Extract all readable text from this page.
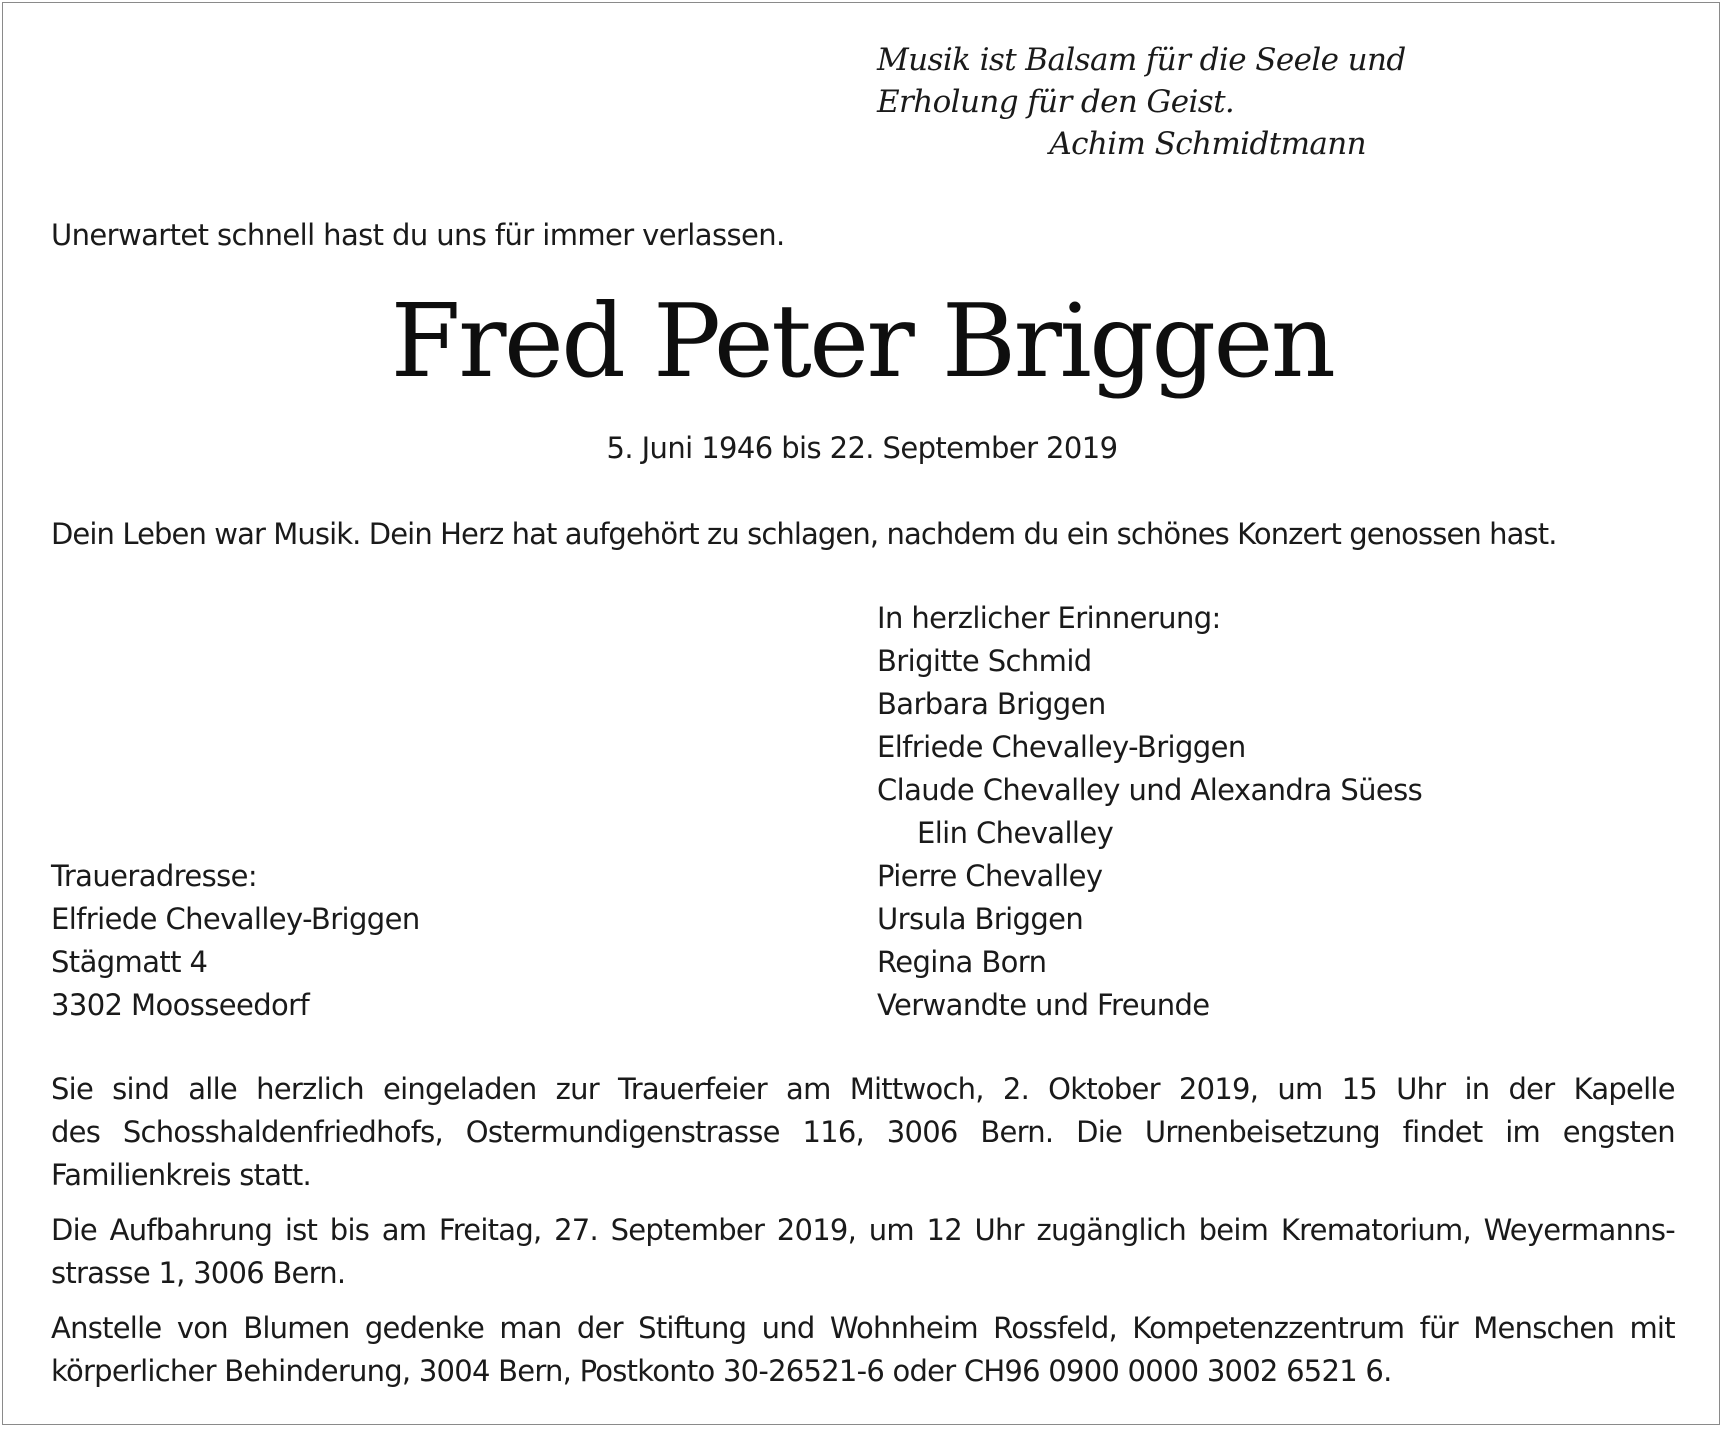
Musik ist Balsam für die Seele und
Erholung für den Geist.
Achim Schmidtmann
Unerwartet schnell hast du uns für immer verlassen.
Fred Peter Briggen
5. Juni 1946 bis 22. September 2019
Dein Leben war Musik. Dein Herz hat aufgehört zu schlagen, nachdem du ein schönes Konzert genossen hast.
In herzlicher Erinnerung:
Brigitte Schmid
Barbara Briggen
Elfriede Chevalley-Briggen
Claude Chevalley und Alexandra Süess
Elin Chevalley
Pierre Chevalley
Ursula Briggen
Regina Born
Verwandte und Freunde
Traueradresse:
Elfriede Chevalley-Briggen
Stägmatt 4
3302 Moosseedorf
Sie sind alle herzlich eingeladen zur Trauerfeier am Mittwoch, 2. Oktober 2019, um 15 Uhr in der Kapelle
des Schosshaldenfriedhofs, Ostermundigenstrasse 116, 3006 Bern. Die Urnenbeisetzung findet im engsten
Familienkreis statt.
Die Aufbahrung ist bis am Freitag, 27. September 2019, um 12 Uhr zugänglich beim Krematorium, Weyermanns-
strasse 1, 3006 Bern.
Anstelle von Blumen gedenke man der Stiftung und Wohnheim Rossfeld, Kompetenzzentrum für Menschen mit
körperlicher Behinderung, 3004 Bern, Postkonto 30-26521-6 oder CH96 0900 0000 3002 6521 6.
